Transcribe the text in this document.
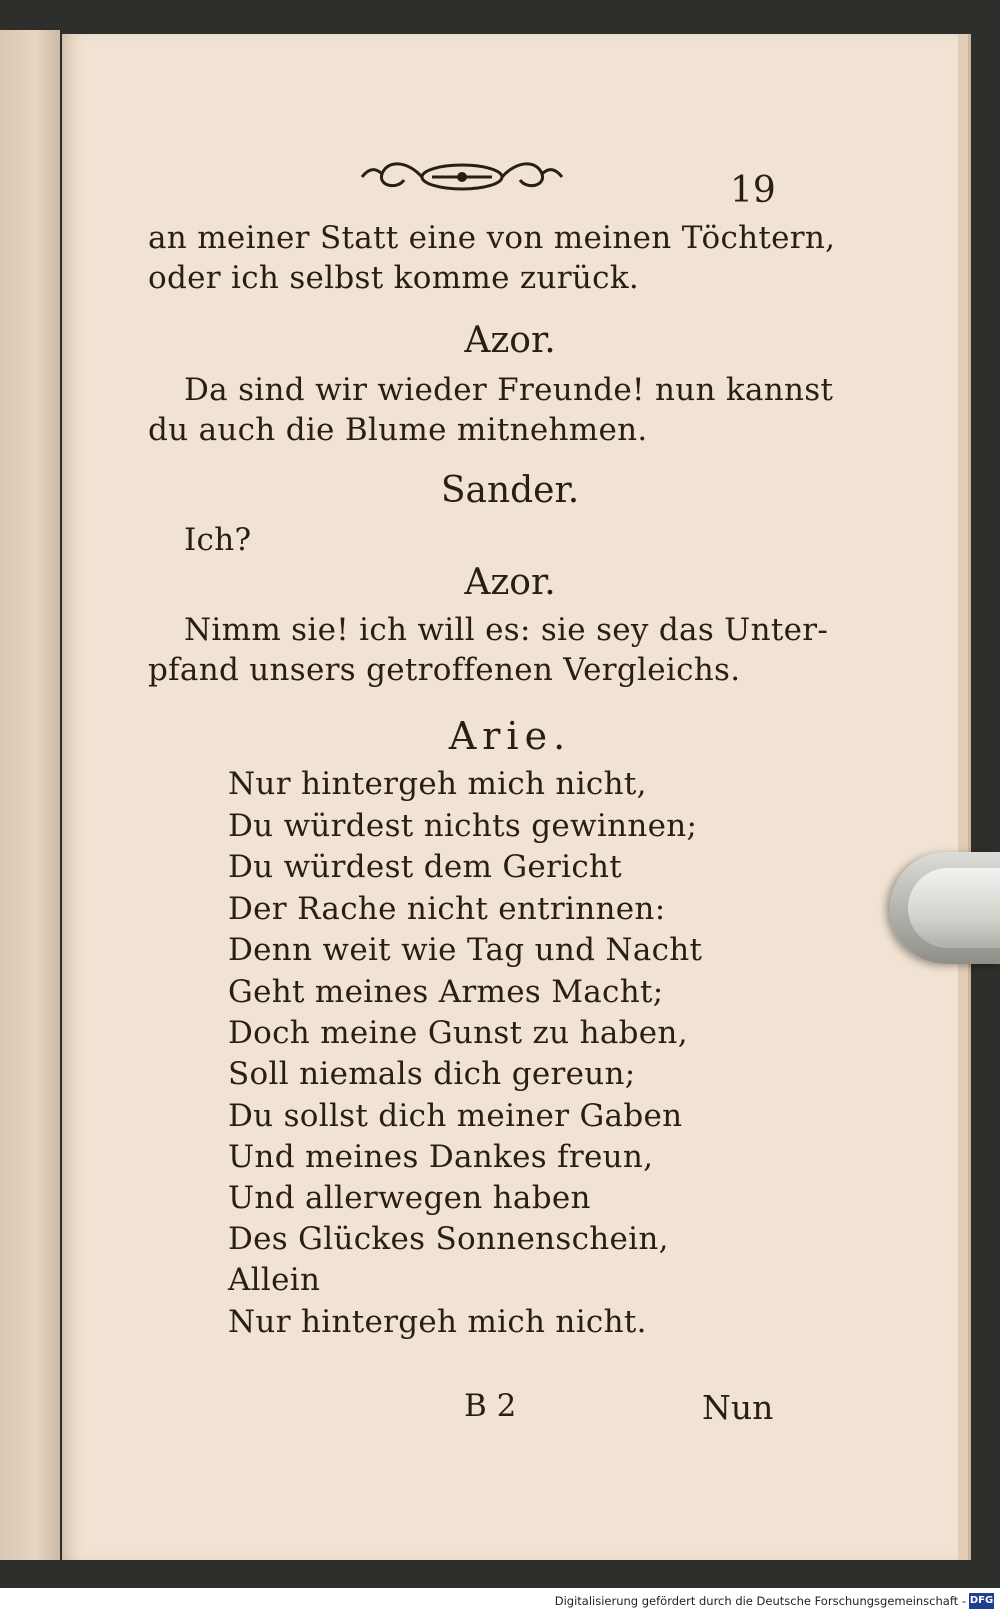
19
an meiner Statt eine von meinen Töchtern,
oder ich selbst komme zurück.
Azor.
Da sind wir wieder Freunde! nun kannst
du auch die Blume mitnehmen.
Sander.
Ich?
Azor.
Nimm sie! ich will es: sie sey das Unter-
pfand unsers getroffenen Vergleichs.
Arie.
Nur hintergeh mich nicht,
Du würdest nichts gewinnen;
Du würdest dem Gericht
Der Rache nicht entrinnen:
Denn weit wie Tag und Nacht
Geht meines Armes Macht;
Doch meine Gunst zu haben,
Soll niemals dich gereun;
Du sollst dich meiner Gaben
Und meines Dankes freun,
Und allerwegen haben
Des Glückes Sonnenschein,
Allein
Nur hintergeh mich nicht.
B 2	Nun
Digitalisierung gefördert durch die Deutsche Forschungsgemeinschaft - DFG
